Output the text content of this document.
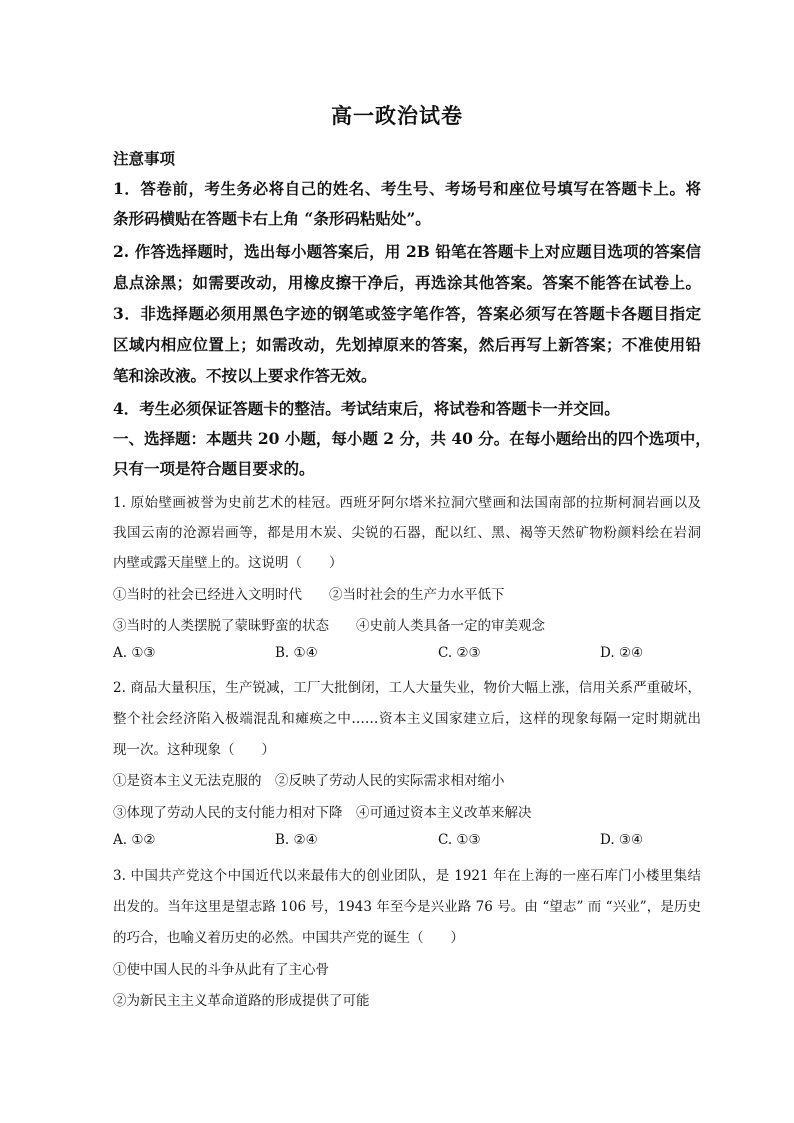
高一政治试卷
注意事项
1．答卷前，考生务必将自己的姓名、考生号、考场号和座位号填写在答题卡上。将
条形码横贴在答题卡右上角 “条形码粘贴处”。
2. 作答选择题时，选出每小题答案后，用 2B 铅笔在答题卡上对应题目选项的答案信
息点涂黑；如需要改动，用橡皮擦干净后，再选涂其他答案。答案不能答在试卷上。
3．非选择题必须用黑色字迹的钢笔或签字笔作答，答案必须写在答题卡各题目指定
区域内相应位置上；如需改动，先划掉原来的答案，然后再写上新答案；不准使用铅
笔和涂改液。不按以上要求作答无效。
4．考生必须保证答题卡的整洁。考试结束后，将试卷和答题卡一并交回。
一、选择题：本题共 20 小题，每小题 2 分，共 40 分。在每小题给出的四个选项中，
只有一项是符合题目要求的。
1. 原始壁画被誉为史前艺术的桂冠。西班牙阿尔塔米拉洞穴壁画和法国南部的拉斯柯洞岩画以及
我国云南的沧源岩画等，都是用木炭、尖锐的石器，配以红、黑、褐等天然矿物粉颜料绘在岩洞
内壁或露天崖壁上的。这说明（　　）
①当时的社会已经进入文明时代　　②当时社会的生产力水平低下
③当时的人类摆脱了蒙昧野蛮的状态　　④史前人类具备一定的审美观念
A. ①③	B. ①④	C. ②③	D. ②④
2. 商品大量积压，生产锐减，工厂大批倒闭，工人大量失业，物价大幅上涨，信用关系严重破坏，
整个社会经济陷入极端混乱和瘫痪之中……资本主义国家建立后，这样的现象每隔一定时期就出
现一次。这种现象（　　）
①是资本主义无法克服的　②反映了劳动人民的实际需求相对缩小
③体现了劳动人民的支付能力相对下降　④可通过资本主义改革来解决
A. ①②	B. ②④	C. ①③	D. ③④
3. 中国共产党这个中国近代以来最伟大的创业团队，是 1921 年在上海的一座石库门小楼里集结
出发的。当年这里是望志路 106 号，1943 年至今是兴业路 76 号。由 “望志” 而 “兴业”，是历史
的巧合，也喻义着历史的必然。中国共产党的诞生（　　）
①使中国人民的斗争从此有了主心骨
②为新民主主义革命道路的形成提供了可能
